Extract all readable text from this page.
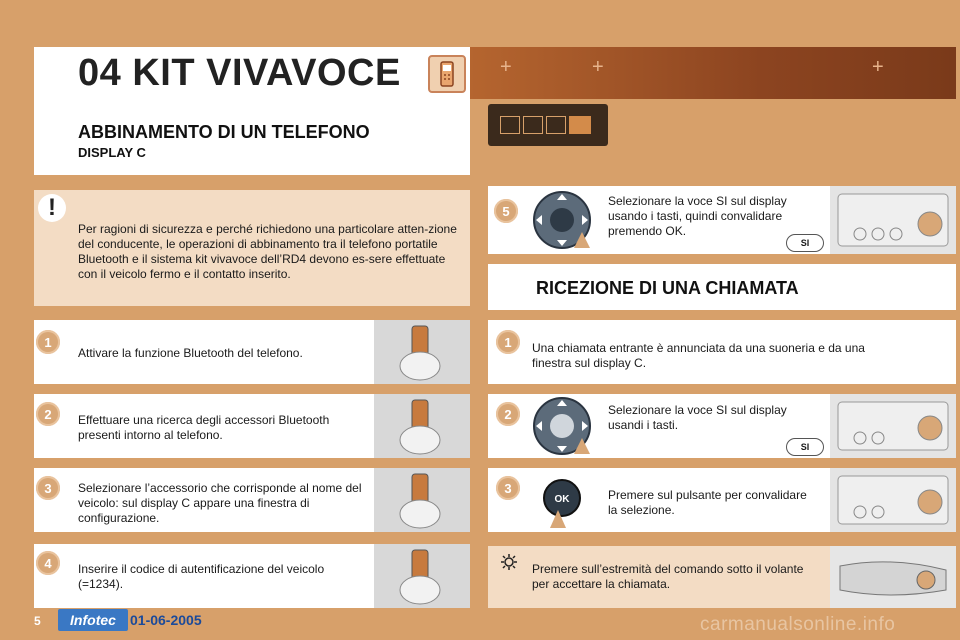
+	+	+
04 KIT VIVAVOCE
ABBINAMENTO DI UN TELEFONO
DISPLAY C
!
Per ragioni di sicurezza e perché richiedono una particolare atten-zione del conducente, le operazioni di abbinamento tra il telefono portatile Bluetooth e il sistema kit vivavoce dell’RD4 devono es-sere effettuate con il veicolo fermo e il contatto inserito.
1
Attivare la funzione Bluetooth del telefono.
2	Effettuare una ricerca degli accessori Bluetooth presenti intorno al telefono.
3	Selezionare l’accessorio che corrisponde al nome del veicolo: sul display C appare una finestra di configurazione.
4	Inserire il codice di autentificazione del veicolo (=1234).
5
Selezionare la voce SI sul display usando i tasti, quindi convalidare premendo OK.
SI
RICEZIONE DI UNA CHIAMATA
1	Una chiamata entrante è annunciata da una suoneria e da una finestra sul display C.
2	Selezionare la voce SI sul display usandi i tasti.
SI
3
OK	Premere sul pulsante per convalidare la selezione.
Premere sull’estremità del comando sotto il volante per accettare la chiamata.
5	Infotec	01-06-2005	carmanualsonline.info
